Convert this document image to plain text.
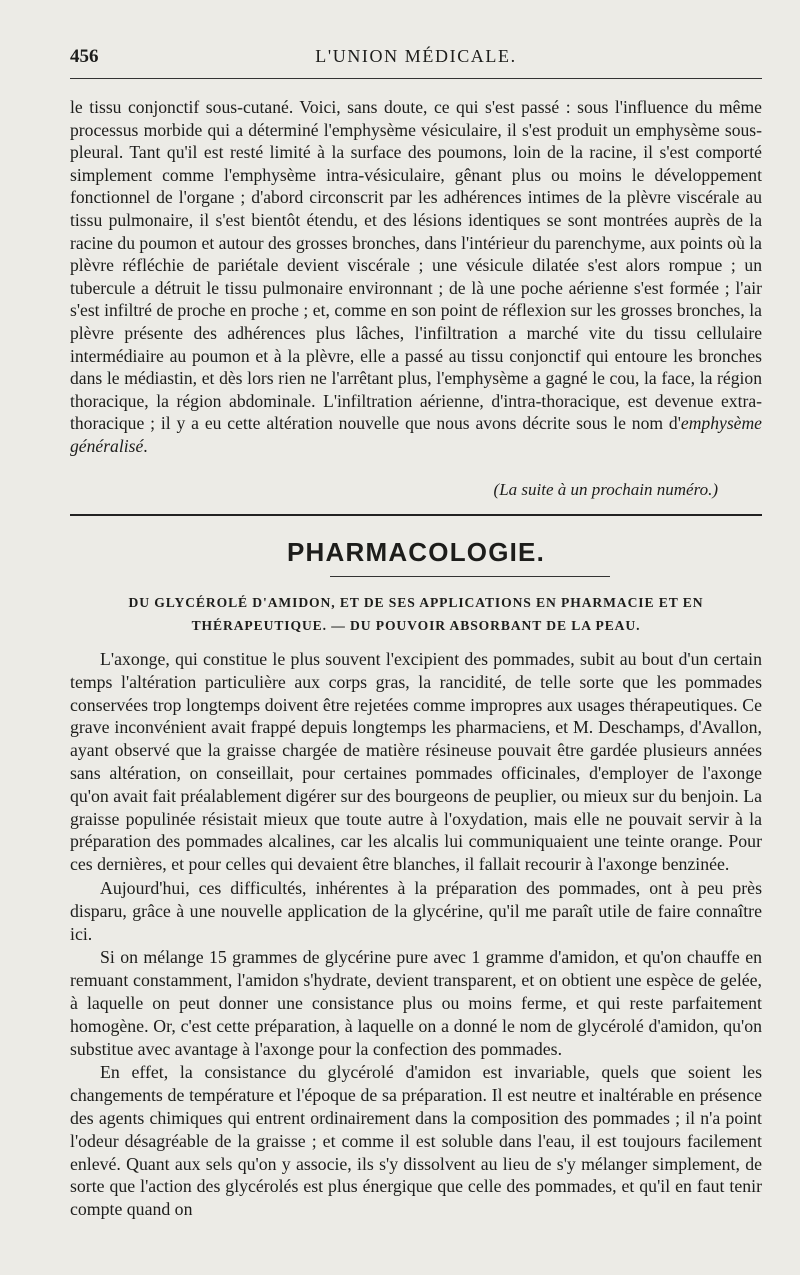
456	L'UNION MÉDICALE.

le tissu conjonctif sous-cutané. Voici, sans doute, ce qui s'est passé : sous l'influence du même processus morbide qui a déterminé l'emphysème vésiculaire, il s'est produit un emphysème sous-pleural. Tant qu'il est resté limité à la surface des poumons, loin de la racine, il s'est comporté simplement comme l'emphysème intra-vésiculaire, gênant plus ou moins le développement fonctionnel de l'organe ; d'abord circonscrit par les adhérences intimes de la plèvre viscérale au tissu pulmonaire, il s'est bientôt étendu, et des lésions identiques se sont montrées auprès de la racine du poumon et autour des grosses bronches, dans l'intérieur du parenchyme, aux points où la plèvre réfléchie de pariétale devient viscérale ; une vésicule dilatée s'est alors rompue ; un tubercule a détruit le tissu pulmonaire environnant ; de là une poche aérienne s'est formée ; l'air s'est infiltré de proche en proche ; et, comme en son point de réflexion sur les grosses bronches, la plèvre présente des adhérences plus lâches, l'infiltration a marché vite du tissu cellulaire intermédiaire au poumon et à la plèvre, elle a passé au tissu conjonctif qui entoure les bronches dans le médiastin, et dès lors rien ne l'arrêtant plus, l'emphysème a gagné le cou, la face, la région thoracique, la région abdominale. L'infiltration aérienne, d'intra-thoracique, est devenue extra-thoracique ; il y a eu cette altération nouvelle que nous avons décrite sous le nom d'emphysème généralisé.

(La suite à un prochain numéro.)
PHARMACOLOGIE.
DU GLYCÉROLÉ D'AMIDON, ET DE SES APPLICATIONS EN PHARMACIE ET EN THÉRAPEUTIQUE. — DU POUVOIR ABSORBANT DE LA PEAU.

L'axonge, qui constitue le plus souvent l'excipient des pommades, subit au bout d'un certain temps l'altération particulière aux corps gras, la rancidité, de telle sorte que les pommades conservées trop longtemps doivent être rejetées comme impropres aux usages thérapeutiques. Ce grave inconvénient avait frappé depuis longtemps les pharmaciens, et M. Deschamps, d'Avallon, ayant observé que la graisse chargée de matière résineuse pouvait être gardée plusieurs années sans altération, on conseillait, pour certaines pommades officinales, d'employer de l'axonge qu'on avait fait préalablement digérer sur des bourgeons de peuplier, ou mieux sur du benjoin. La graisse populinée résistait mieux que toute autre à l'oxydation, mais elle ne pouvait servir à la préparation des pommades alcalines, car les alcalis lui communiquaient une teinte orange. Pour ces dernières, et pour celles qui devaient être blanches, il fallait recourir à l'axonge benzinée.

Aujourd'hui, ces difficultés, inhérentes à la préparation des pommades, ont à peu près disparu, grâce à une nouvelle application de la glycérine, qu'il me paraît utile de faire connaître ici.

Si on mélange 15 grammes de glycérine pure avec 1 gramme d'amidon, et qu'on chauffe en remuant constamment, l'amidon s'hydrate, devient transparent, et on obtient une espèce de gelée, à laquelle on peut donner une consistance plus ou moins ferme, et qui reste parfaitement homogène. Or, c'est cette préparation, à laquelle on a donné le nom de glycérolé d'amidon, qu'on substitue avec avantage à l'axonge pour la confection des pommades.

En effet, la consistance du glycérolé d'amidon est invariable, quels que soient les changements de température et l'époque de sa préparation. Il est neutre et inaltérable en présence des agents chimiques qui entrent ordinairement dans la composition des pommades ; il n'a point l'odeur désagréable de la graisse ; et comme il est soluble dans l'eau, il est toujours facilement enlevé. Quant aux sels qu'on y associe, ils s'y dissolvent au lieu de s'y mélanger simplement, de sorte que l'action des glycérolés est plus énergique que celle des pommades, et qu'il en faut tenir compte quand on
